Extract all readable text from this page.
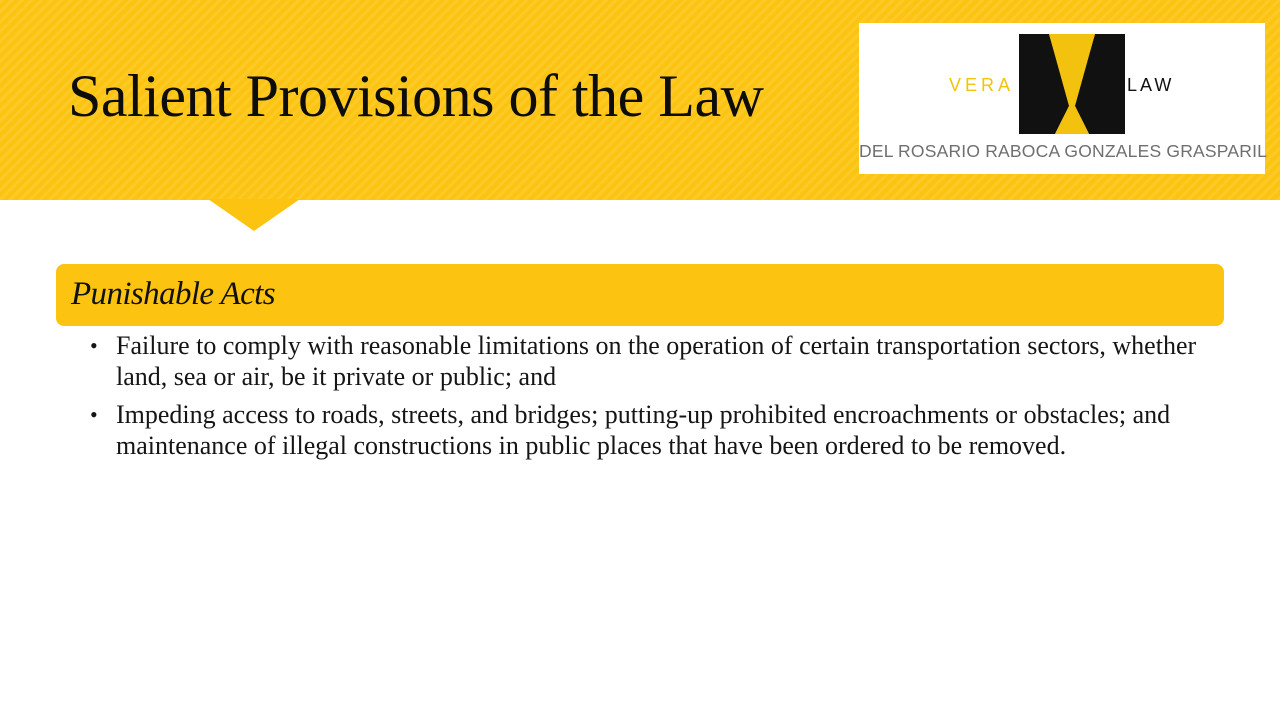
Salient Provisions of the Law	VERA	LAW
DEL ROSARIO RABOCA GONZALES GRASPARIL
Punishable Acts
• Failure to comply with reasonable limitations on the operation of certain transportation sectors, whether land, sea or air, be it private or public; and
• Impeding access to roads, streets, and bridges; putting-up prohibited encroachments or obstacles; and maintenance of illegal constructions in public places that have been ordered to be removed.
